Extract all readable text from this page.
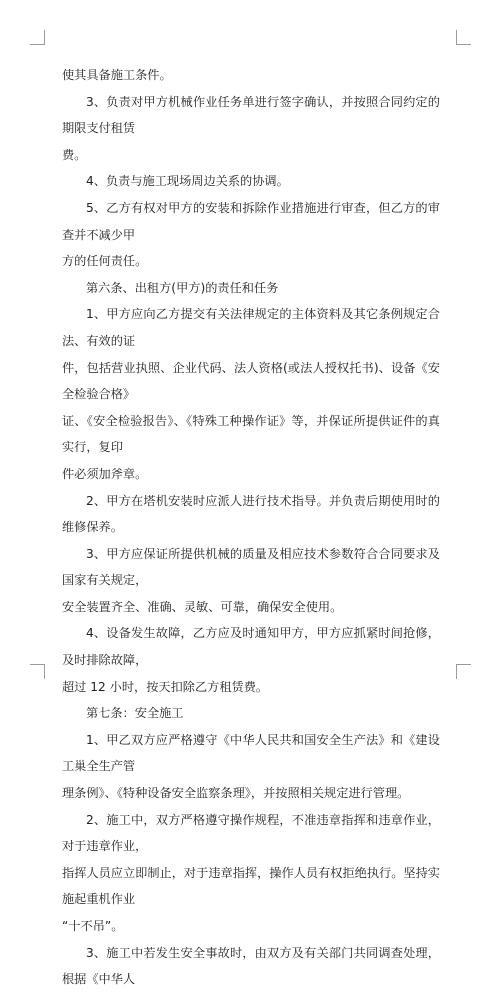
使其具备施工条件。

3、负责对甲方机械作业任务单进行签字确认，并按照合同约定的期限支付租赁
费。

4、负责与施工现场周边关系的协调。

5、乙方有权对甲方的安装和拆除作业措施进行审查，但乙方的审查并不减少甲
方的任何责任。

第六条、出租方(甲方)的责任和任务

1、甲方应向乙方提交有关法律规定的主体资料及其它条例规定合法、有效的证
件，包括营业执照、企业代码、法人资格(或法人授权托书)、设备《安全检验合格》
证、《安全检验报告》、《特殊工种操作证》等，并保证所提供证件的真实行，复印
件必须加斧章。

2、甲方在塔机安装时应派人进行技术指导。并负责后期使用时的维修保养。

3、甲方应保证所提供机械的质量及相应技术参数符合合同要求及国家有关规定，
安全装置齐全、准确、灵敏、可靠，确保安全使用。

4、设备发生故障，乙方应及时通知甲方，甲方应抓紧时间抢修，及时排除故障，
超过 12 小时，按天扣除乙方租赁费。

第七条：安全施工

1、甲乙双方应严格遵守《中华人民共和国安全生产法》和《建设工巢全生产管
理条例》、《特种设备安全监察条理》，并按照相关规定进行管理。

2、施工中，双方严格遵守操作规程，不准违章指挥和违章作业，对于违章作业，
指挥人员应立即制止，对于违章指挥，操作人员有权拒绝执行。坚持实施起重机作业
“十不吊”。

3、施工中若发生安全事故时，由双方及有关部门共同调查处理，根据《中华人
